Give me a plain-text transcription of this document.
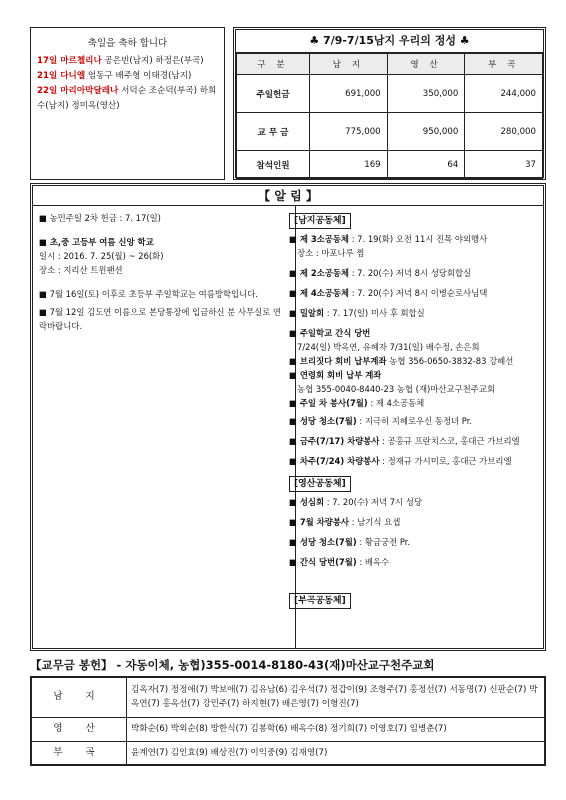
축일을 축하 합니다
17일 마르첼리나 공은빈(남지) 하정은(부곡)
21일 다니엘 엄동구 배주형 이태경(남지)
22일 마리아막달레나 서덕순 조순덕(부곡) 하희수(남지) 정미옥(영산)
♣ 7/9-7/15남지 우리의 정성 ♣
구 분	남 지	영 산	부 곡
주일헌금	691,000	350,000	244,000
교 무 금	775,000	950,000	280,000
참석인원	169	64	37
【 알 림 】
■ 농민주일 2차 헌금 : 7. 17(일)
■ 초,중 고등부 여름 신앙 학교
일시 : 2016. 7. 25(월) ~ 26(화)
장소 : 지리산 트윈팬션
■ 7월 16일(토) 이후로 초등부 주일학교는 여름방학입니다.
■ 7월 12일 김도연 이름으로 본당통장에 입금하신 분 사무실로 연락바랍니다.
[남지공동체]
■ 제 3소공동체 : 7. 19(화) 오전 11시 진목 야외행사
장소 : 마포나루 찜
■ 제 2소공동체 : 7. 20(수) 저녁 8시 성당회합실
■ 제 4소공동체 : 7. 20(수) 저녁 8시 이병순로사님댁
■ 밀알회 : 7. 17(일) 미사 후 회합실
■ 주일학교 간식 당번
7/24(일) 박옥연, 유혜자 7/31(일) 배수정, 손은희
■ 브리짓다 회비 납부계좌 농협 356-0650-3832-83 강혜선
■ 연령회 회비 납부 계좌
농협 355-0040-8440-23 농협 (재)마산교구천주교회
■ 주일 차 봉사(7월) : 제 4소공동체
■ 성당 청소(7월) : 지극히 지혜로우신 동정녀 Pr.
■ 금주(7/17) 차량봉사 : 공홍규 프란치스코, 홍대근 가브리엘
■ 차주(7/24) 차량봉사 : 정재규 가시미로, 홍대근 가브리엘
[영산공동체]
■ 성심회 : 7. 20(수) 저녁 7시 성당
■ 7월 차량봉사 : 남기식 요셉
■ 성당 청소(7월) : 황금궁전 Pr.
■ 간식 당번(7월) : 배옥수
[부곡공동체]
【교무금 봉헌】 - 자동이체, 농협)355-0014-8180-43(재)마산교구천주교회
남 지	김옥자(7) 정정애(7) 박보애(7) 김유남(6) 김우석(7) 정갑이(9) 조형주(7) 홍정선(7) 서동명(7) 신판순(7) 박옥연(7) 홍옥선(7) 강민주(7) 하지현(7) 배은영(7) 이형진(7)
영 산	박화순(6) 박외순(8) 방한식(7) 김봉학(6) 배옥수(8) 정기희(7) 이영호(7) 임병춘(7)
부 곡	윤계연(7) 김인효(9) 배상진(7) 이익중(9) 김재영(7)
